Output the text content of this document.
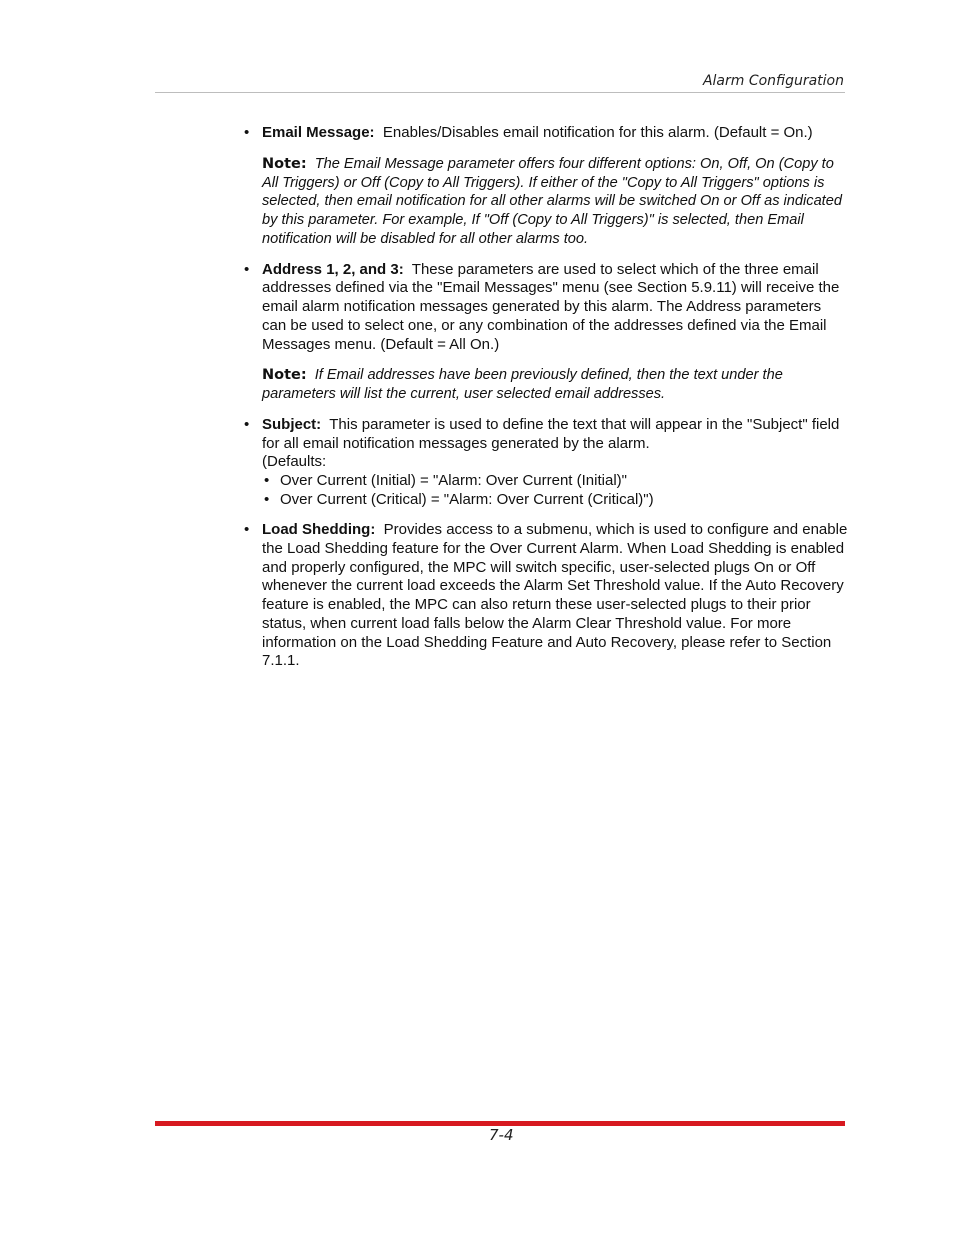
Alarm Configuration
• Email Message: Enables/Disables email notification for this alarm. (Default = On.)

Note: The Email Message parameter offers four different options: On, Off, On (Copy to All Triggers) or Off (Copy to All Triggers). If either of the "Copy to All Triggers" options is selected, then email notification for all other alarms will be switched On or Off as indicated by this parameter. For example, If "Off (Copy to All Triggers)" is selected, then Email notification will be disabled for all other alarms too.

• Address 1, 2, and 3: These parameters are used to select which of the three email addresses defined via the "Email Messages" menu (see Section 5.9.11) will receive the email alarm notification messages generated by this alarm. The Address parameters can be used to select one, or any combination of the addresses defined via the Email Messages menu. (Default = All On.)

Note: If Email addresses have been previously defined, then the text under the parameters will list the current, user selected email addresses.

• Subject: This parameter is used to define the text that will appear in the "Subject" field for all email notification messages generated by the alarm.

(Defaults:

• Over Current (Initial) = "Alarm: Over Current (Initial)"
• Over Current (Critical) = "Alarm: Over Current (Critical)")
• Load Shedding: Provides access to a submenu, which is used to configure and enable the Load Shedding feature for the Over Current Alarm. When Load Shedding is enabled and properly configured, the MPC will switch specific, user-selected plugs On or Off whenever the current load exceeds the Alarm Set Threshold value. If the Auto Recovery feature is enabled, the MPC can also return these user-selected plugs to their prior status, when current load falls below the Alarm Clear Threshold value. For more information on the Load Shedding Feature and Auto Recovery, please refer to Section 7.1.1.

7-4
